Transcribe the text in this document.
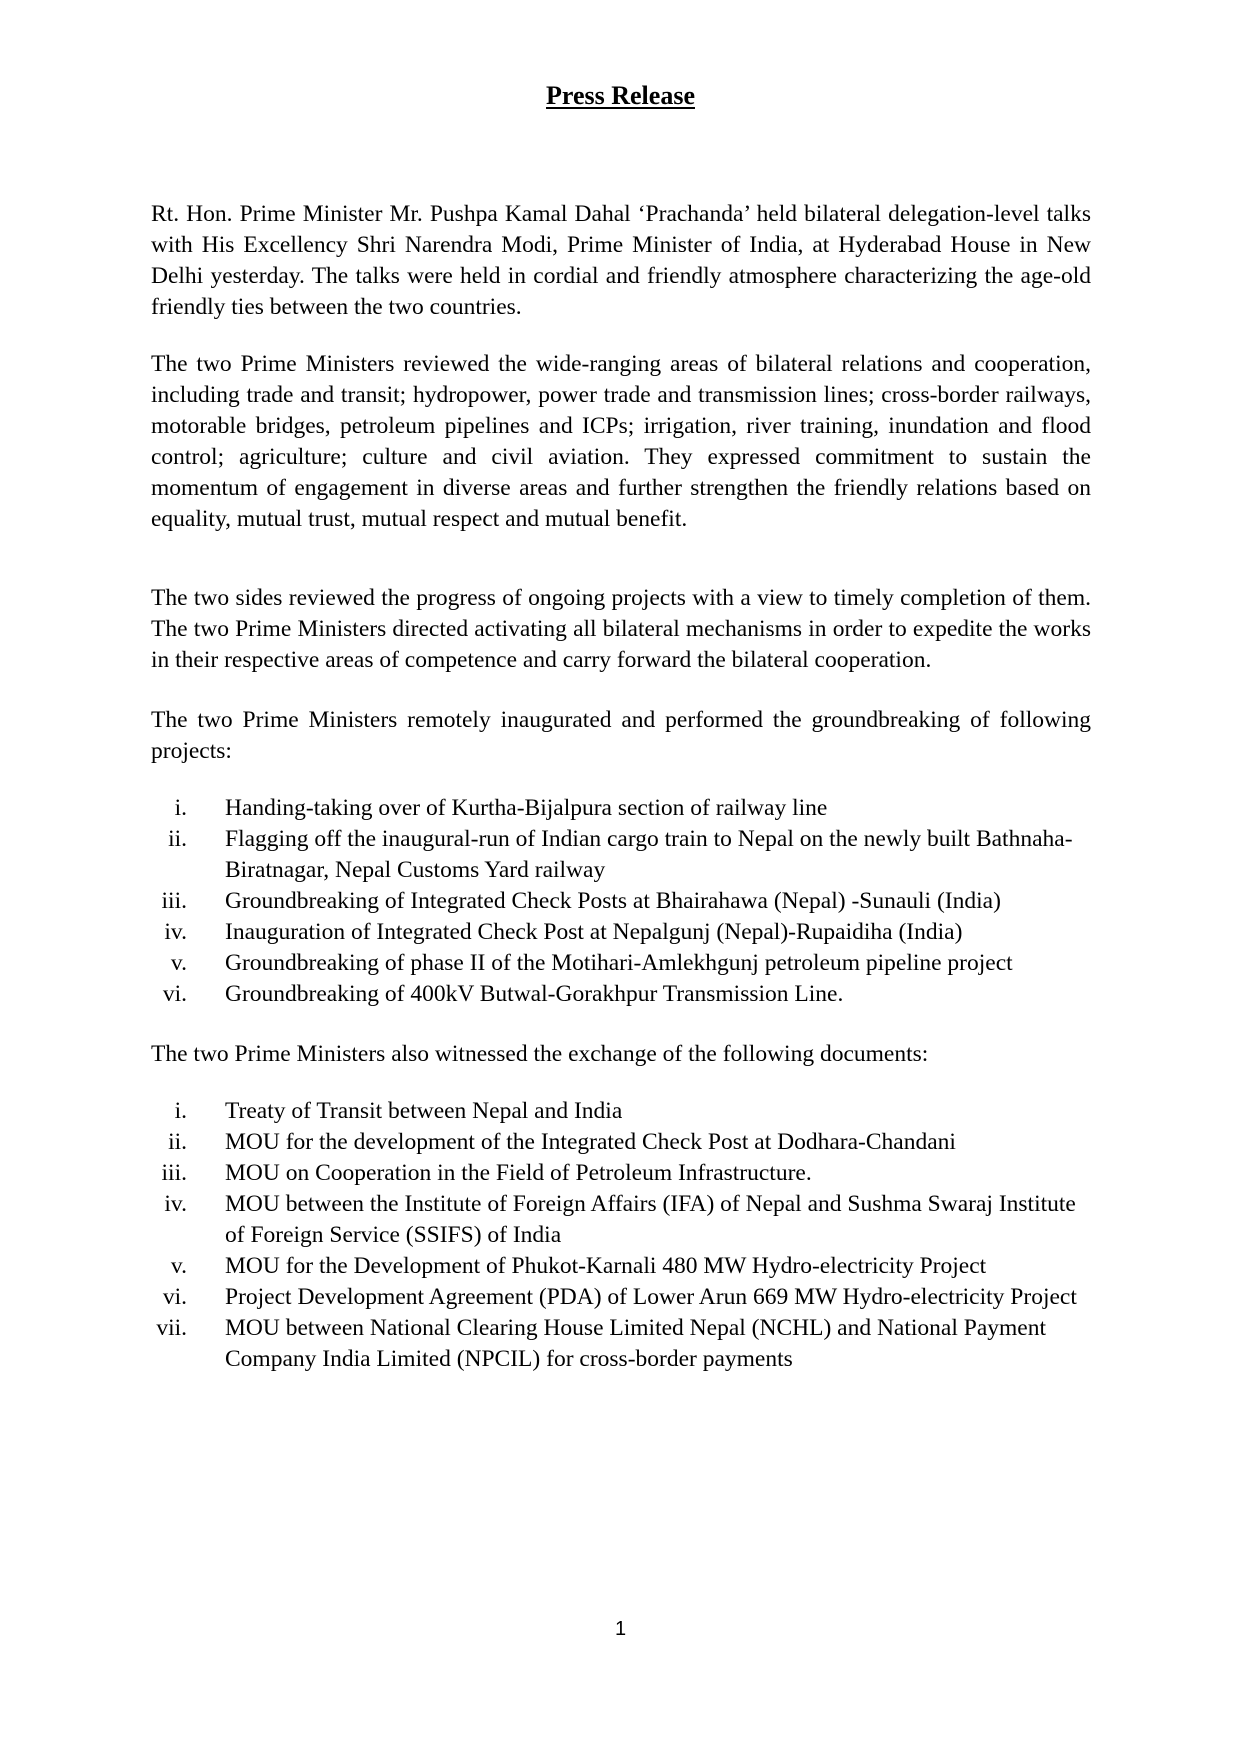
Press Release

Rt. Hon. Prime Minister Mr. Pushpa Kamal Dahal ‘Prachanda’ held bilateral delegation-level talks with His Excellency Shri Narendra Modi, Prime Minister of India, at Hyderabad House in New Delhi yesterday. The talks were held in cordial and friendly atmosphere characterizing the age-old friendly ties between the two countries.

The two Prime Ministers reviewed the wide-ranging areas of bilateral relations and cooperation, including trade and transit; hydropower, power trade and transmission lines; cross-border railways, motorable bridges, petroleum pipelines and ICPs; irrigation, river training, inundation and flood control; agriculture; culture and civil aviation. They expressed commitment to sustain the momentum of engagement in diverse areas and further strengthen the friendly relations based on equality, mutual trust, mutual respect and mutual benefit.

The two sides reviewed the progress of ongoing projects with a view to timely completion of them. The two Prime Ministers directed activating all bilateral mechanisms in order to expedite the works in their respective areas of competence and carry forward the bilateral cooperation.

The two Prime Ministers remotely inaugurated and performed the groundbreaking of following projects:

i. Handing-taking over of Kurtha-Bijalpura section of railway line
ii. Flagging off the inaugural-run of Indian cargo train to Nepal on the newly built Bathnaha-Biratnagar, Nepal Customs Yard railway
iii. Groundbreaking of Integrated Check Posts at Bhairahawa (Nepal) -Sunauli (India)
iv. Inauguration of Integrated Check Post at Nepalgunj (Nepal)-Rupaidiha (India)
v. Groundbreaking of phase II of the Motihari-Amlekhgunj petroleum pipeline project
vi. Groundbreaking of 400kV Butwal-Gorakhpur Transmission Line.

The two Prime Ministers also witnessed the exchange of the following documents:

i. Treaty of Transit between Nepal and India
ii. MOU for the development of the Integrated Check Post at Dodhara-Chandani
iii. MOU on Cooperation in the Field of Petroleum Infrastructure.
iv. MOU between the Institute of Foreign Affairs (IFA) of Nepal and Sushma Swaraj Institute of Foreign Service (SSIFS) of India
v. MOU for the Development of Phukot-Karnali 480 MW Hydro-electricity Project
vi. Project Development Agreement (PDA) of Lower Arun 669 MW Hydro-electricity Project
vii. MOU between National Clearing House Limited Nepal (NCHL) and National Payment Company India Limited (NPCIL) for cross-border payments
1
